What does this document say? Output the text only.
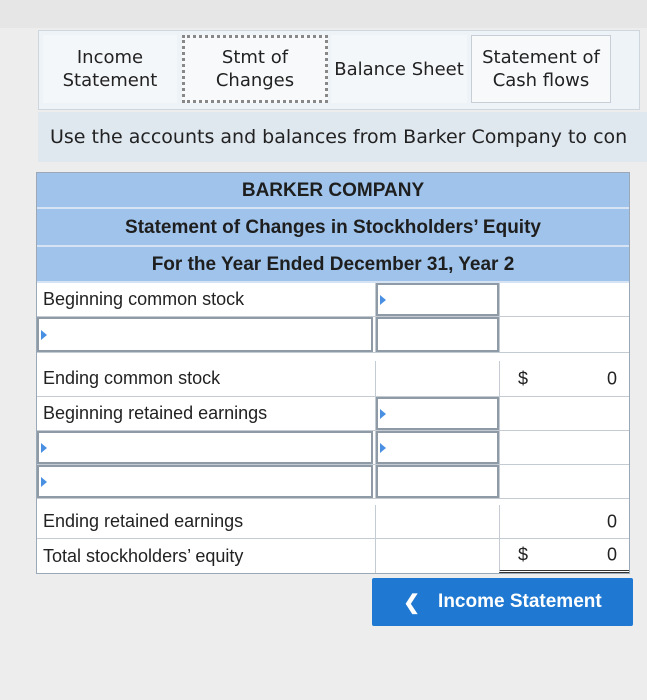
Income
Statement
Stmt of
Changes
Balance Sheet
Statement of
Cash flows
Use the accounts and balances from Barker Company to con
BARKER COMPANY
Statement of Changes in Stockholders’ Equity
For the Year Ended December 31, Year 2
Beginning common stock
Ending common stock	$	0
Beginning retained earnings
Ending retained earnings	0
Total stockholders’ equity	$	0
❮ Income Statement
